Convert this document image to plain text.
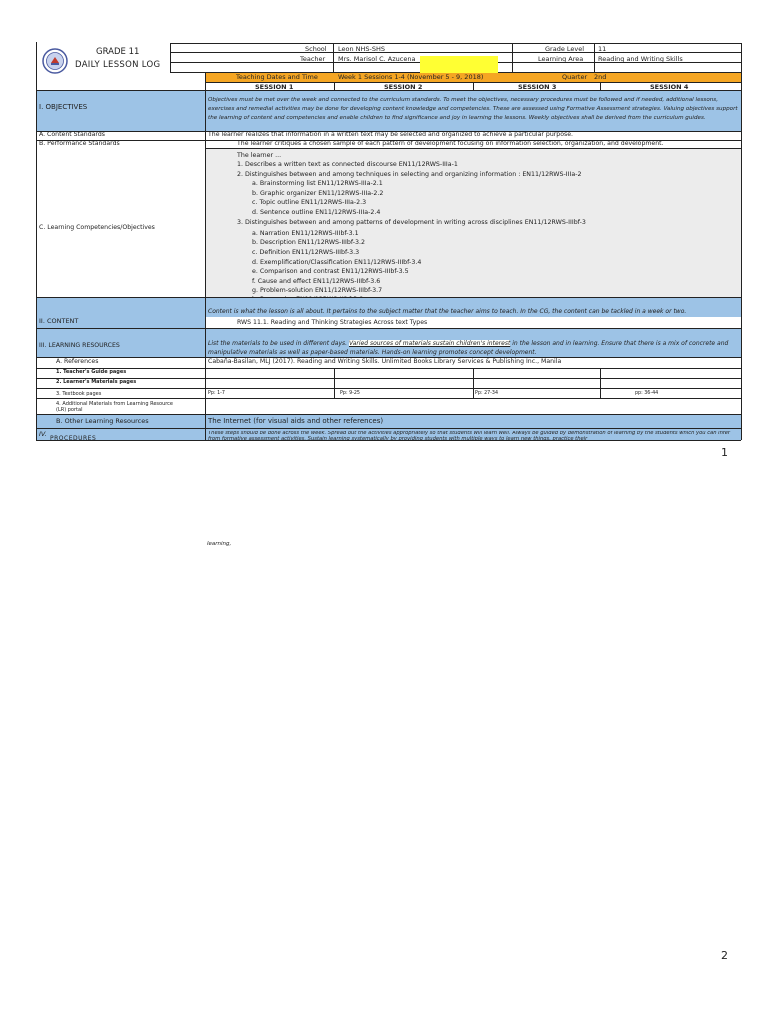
GRADE 11
DAILY LESSON LOG
School Leon NHS-SHS
Teacher Mrs. Marisol C. Azucena
Grade Level 11
Learning Area Reading and Writing Skills
Teaching Dates and Time	Week 1 Sessions 1-4 (November 5 - 9, 2018)	Quarter 2nd
SESSION 1	SESSION 2	SESSION 3	SESSION 4
I. OBJECTIVES
Objectives must be met over the week and connected to the curriculum standards. To meet the objectives, necessary procedures must be followed and if needed, additional lessons, exercises and remedial activities may be done for developing content knowledge and competencies. These are assessed using Formative Assessment strategies. Valuing objectives support the learning of content and competencies and enable children to find significance and joy in learning the lessons. Weekly objectives shall be derived from the curriculum guides.
A. Content Standards	The learner realizes that information in a written text may be selected and organized to achieve a particular purpose.
B. Performance Standards	The learner critiques a chosen sample of each pattern of development focusing on information selection, organization, and development.
C. Learning Competencies/Objectives
The learner ...
1. Describes a written text as connected discourse EN11/12RWS-IIIa-1
2. Distinguishes between and among techniques in selecting and organizing information : EN11/12RWS-IIIa-2
a. Brainstorming list EN11/12RWS-IIIa-2.1
b. Graphic organizer EN11/12RWS-IIIa-2.2
c. Topic outline EN11/12RWS-IIIa-2.3
d. Sentence outline EN11/12RWS-IIIa-2.4
3. Distinguishes between and among patterns of development in writing across disciplines EN11/12RWS-IIIbf-3
a. Narration EN11/12RWS-IIIbf-3.1
b. Description EN11/12RWS-IIIbf-3.2
c. Definition EN11/12RWS-IIIbf-3.3
d. Exemplification/Classification EN11/12RWS-IIIbf-3.4
e. Comparison and contrast EN11/12RWS-IIIbf-3.5
f. Cause and effect EN11/12RWS-IIIbf-3.6
g. Problem-solution EN11/12RWS-IIIbf-3.7
II. CONTENT
Content is what the lesson is all about. It pertains to the subject matter that the teacher aims to teach. In the CG, the content can be tackled in a week or two.
RWS 11.1. Reading and Thinking Strategies Across text Types
III. LEARNING RESOURCES	List the materials to be used in different days. Varied sources of materials sustain children's interest in the lesson and in learning. Ensure that there is a mix of concrete and manipulative materials as well as paper-based materials. Hands-on learning promotes concept development.
A. References	Cabaña-Basilan, MLJ (2017). Reading and Writing Skills. Unlimited Books Library Services & Publishing Inc., Manila
1. Teacher's Guide pages
2. Learner's Materials pages
3. Textbook pages	Pp: 1-7	Pp: 9-25	Pp: 27-34	pp: 36-44
4. Additional Materials from Learning Resource (LR) portal
B. Other Learning Resources	The Internet (for visual aids and other references)
IV.
PROCEDURES
These steps should be done across the week. Spread out the activities appropriately so that students will learn well. Always be guided by demonstration of learning by the students which you can infer from formative assessment activities. Sustain learning systematically by providing students with multiple ways to learn new things, practice their
learning,
1
2
